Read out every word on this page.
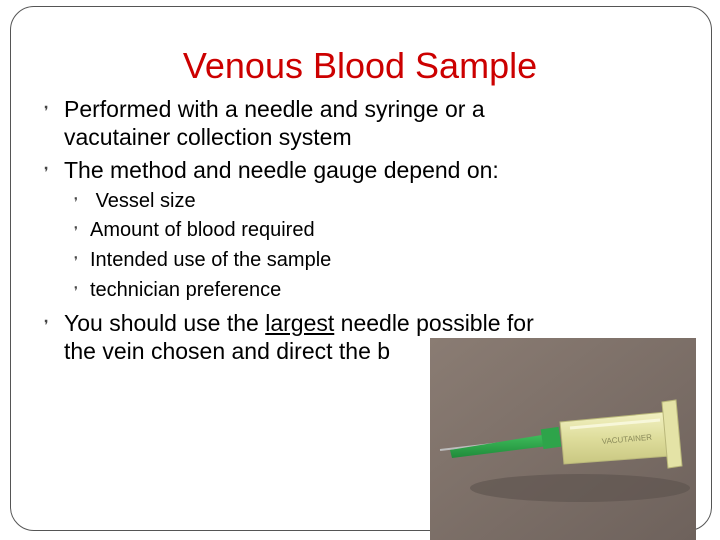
Venous Blood Sample
❜ Performed with a needle and syringe or a
vacutainer collection system
❜ The method and needle gauge depend on:
❜ Vessel size
❜ Amount of blood required
❜ Intended use of the sample
❜ technician preference
❜ You should use the largest needle possible for
the vein chosen and direct the b
VACUTAINER
